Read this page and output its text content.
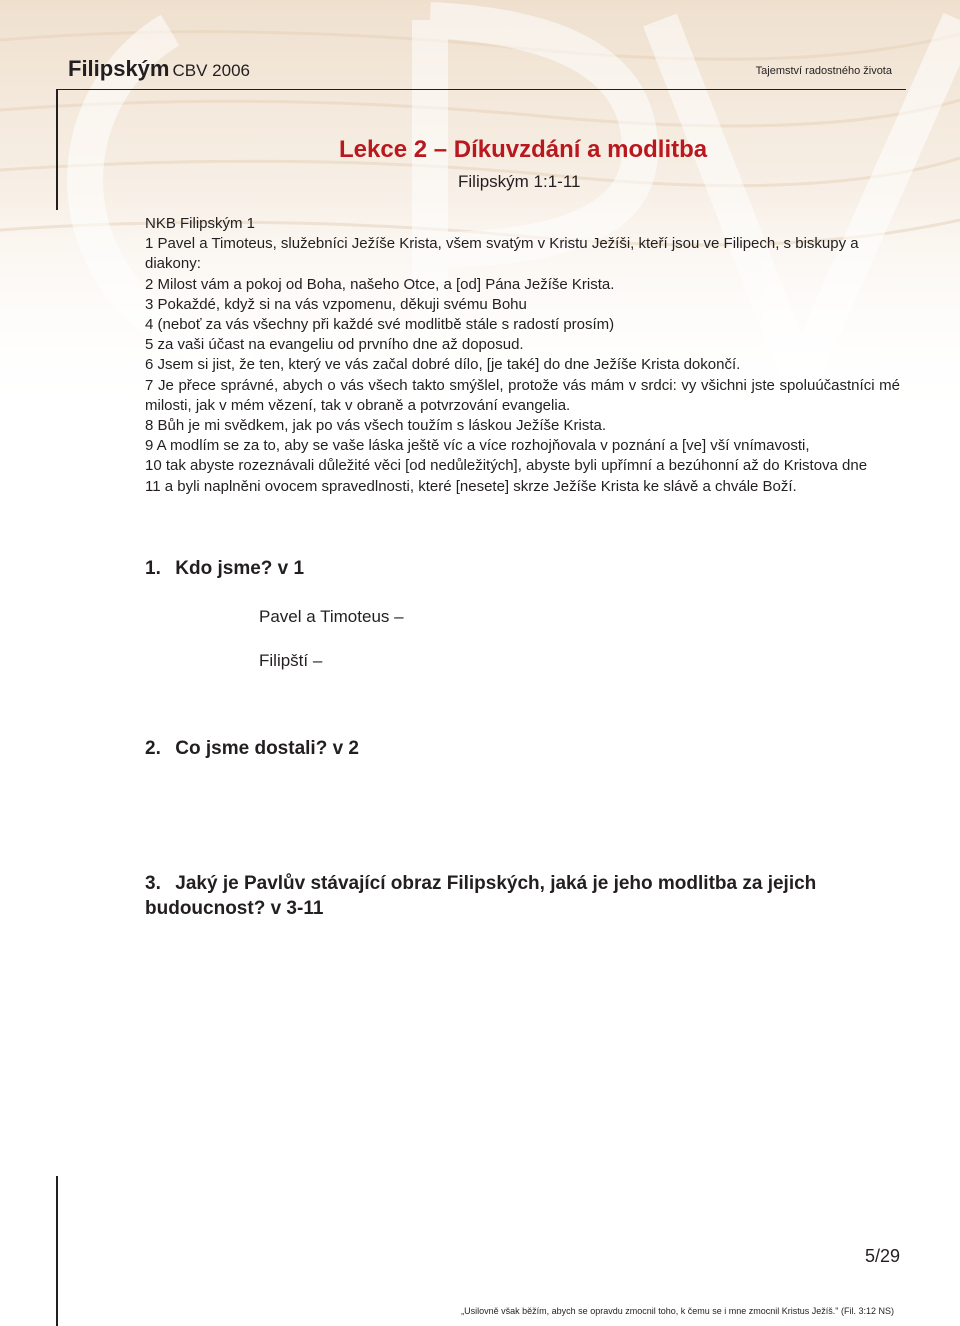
Filipským CBV 2006	Tajemství radostného života
Lekce 2 – Díkuvzdání a modlitba
Filipským 1:1-11

NKB Filipským 1

1 Pavel a Timoteus, služebníci Ježíše Krista, všem svatým v Kristu Ježíši, kteří jsou ve Filipech, s biskupy a diakony:

2 Milost vám a pokoj od Boha, našeho Otce, a [od] Pána Ježíše Krista.

3 Pokaždé, když si na vás vzpomenu, děkuji svému Bohu

4 (neboť za vás všechny při každé své modlitbě stále s radostí prosím)

5 za vaši účast na evangeliu od prvního dne až doposud.

6 Jsem si jist, že ten, který ve vás začal dobré dílo, [je také] do dne Ježíše Krista dokončí.

7 Je přece správné, abych o vás všech takto smýšlel, protože vás mám v srdci: vy všichni jste spoluúčastníci mé milosti, jak v mém vězení, tak v obraně a potvrzování evangelia.

8 Bůh je mi svědkem, jak po vás všech toužím s láskou Ježíše Krista.

9 A modlím se za to, aby se vaše láska ještě víc a více rozhojňovala v poznání a [ve] vší vnímavosti,

10 tak abyste rozeznávali důležité věci [od nedůležitých], abyste byli upřímní a bezúhonní až do Kristova dne

11 a byli naplněni ovocem spravedlnosti, které [nesete] skrze Ježíše Krista ke slávě a chvále Boží.

1. Kdo jsme? v 1
Pavel a Timoteus –
Filipští –
2. Co jsme dostali? v 2
3. Jaký je Pavlův stávající obraz Filipských, jaká je jeho modlitba za jejich budoucnost? v 3-11
5/29
„Usilovně však běžím, abych se opravdu zmocnil toho, k čemu se i mne zmocnil Kristus Ježíš." (Fil. 3:12 NS)
